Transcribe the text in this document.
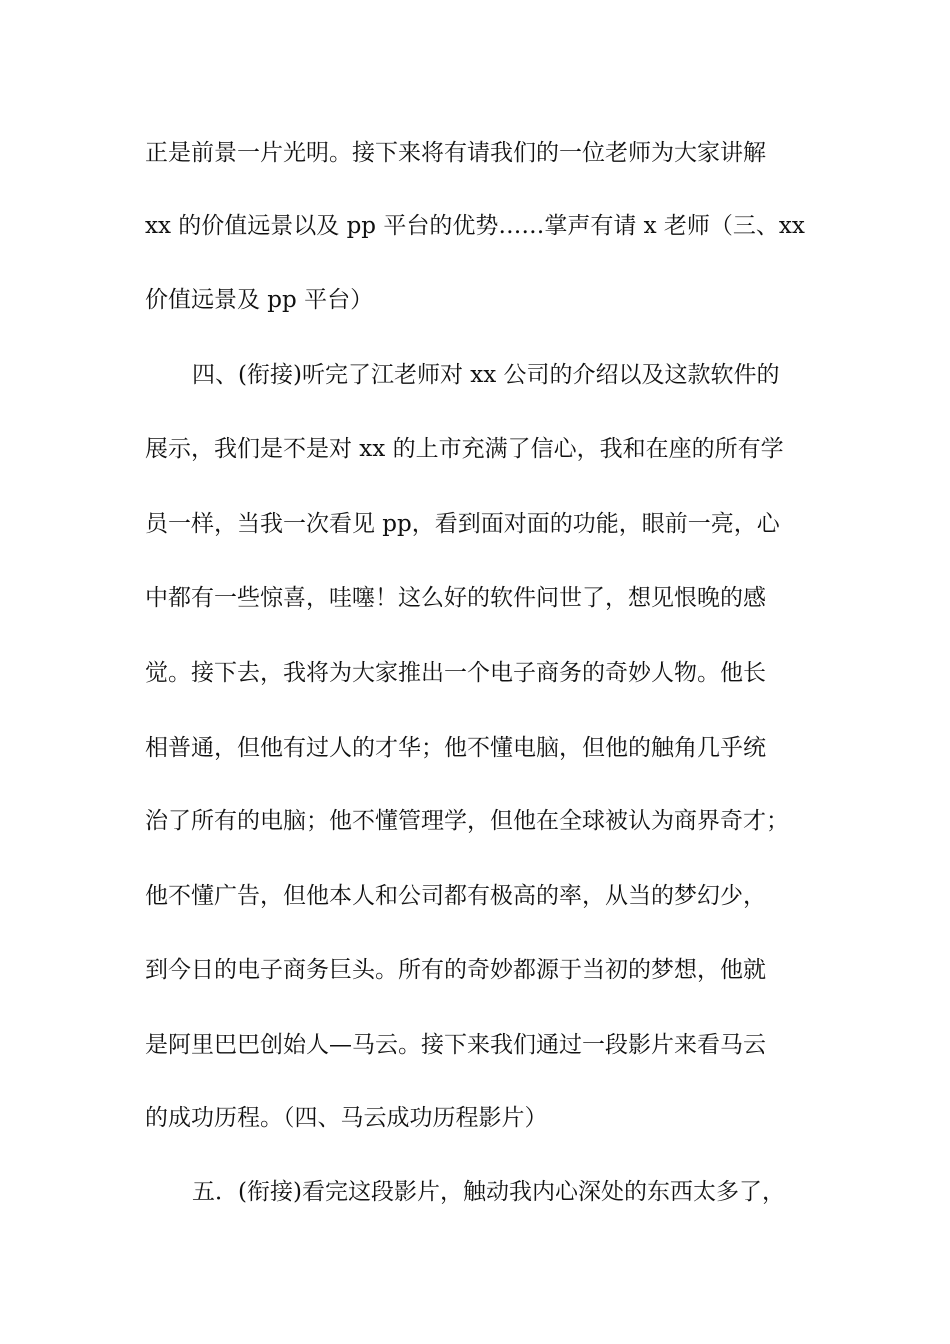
正是前景一片光明。接下来将有请我们的一位老师为大家讲解
xx 的价值远景以及 pp 平台的优势……掌声有请 x 老师（三、xx
价值远景及 pp 平台）
四、(衔接)听完了江老师对 xx 公司的介绍以及这款软件的
展示，我们是不是对 xx 的上市充满了信心，我和在座的所有学
员一样，当我一次看见 pp，看到面对面的功能，眼前一亮，心
中都有一些惊喜，哇噻！这么好的软件问世了，想见恨晚的感
觉。接下去，我将为大家推出一个电子商务的奇妙人物。他长
相普通，但他有过人的才华；他不懂电脑，但他的触角几乎统
治了所有的电脑；他不懂管理学，但他在全球被认为商界奇才；
他不懂广告，但他本人和公司都有极高的率，从当的梦幻少，
到今日的电子商务巨头。所有的奇妙都源于当初的梦想，他就
是阿里巴巴创始人—马云。接下来我们通过一段影片来看马云
的成功历程。（四、马云成功历程影片）
五．(衔接)看完这段影片，触动我内心深处的东西太多了，
